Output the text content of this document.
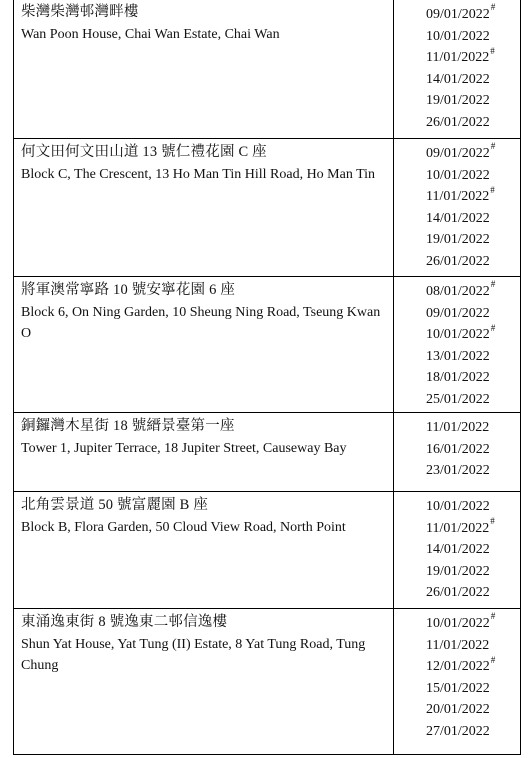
柴灣柴灣邨灣畔樓
Wan Poon House, Chai Wan Estate, Chai Wan
09/01/2022#
10/01/2022
11/01/2022#
14/01/2022
19/01/2022
26/01/2022
何文田何文田山道 13 號仁禮花園 C 座
Block C, The Crescent, 13 Ho Man Tin Hill Road, Ho Man Tin
09/01/2022#
10/01/2022
11/01/2022#
14/01/2022
19/01/2022
26/01/2022
將軍澳常寧路 10 號安寧花園 6 座
Block 6, On Ning Garden, 10 Sheung Ning Road, Tseung Kwan O
08/01/2022#
09/01/2022
10/01/2022#
13/01/2022
18/01/2022
25/01/2022
銅鑼灣木星街 18 號縉景臺第一座
Tower 1, Jupiter Terrace, 18 Jupiter Street, Causeway Bay
11/01/2022
16/01/2022
23/01/2022
北角雲景道 50 號富麗園 B 座
Block B, Flora Garden, 50 Cloud View Road, North Point
10/01/2022
11/01/2022#
14/01/2022
19/01/2022
26/01/2022
東涌逸東街 8 號逸東二邨信逸樓
Shun Yat House, Yat Tung (II) Estate, 8 Yat Tung Road, Tung Chung
10/01/2022#
11/01/2022
12/01/2022#
15/01/2022
20/01/2022
27/01/2022
